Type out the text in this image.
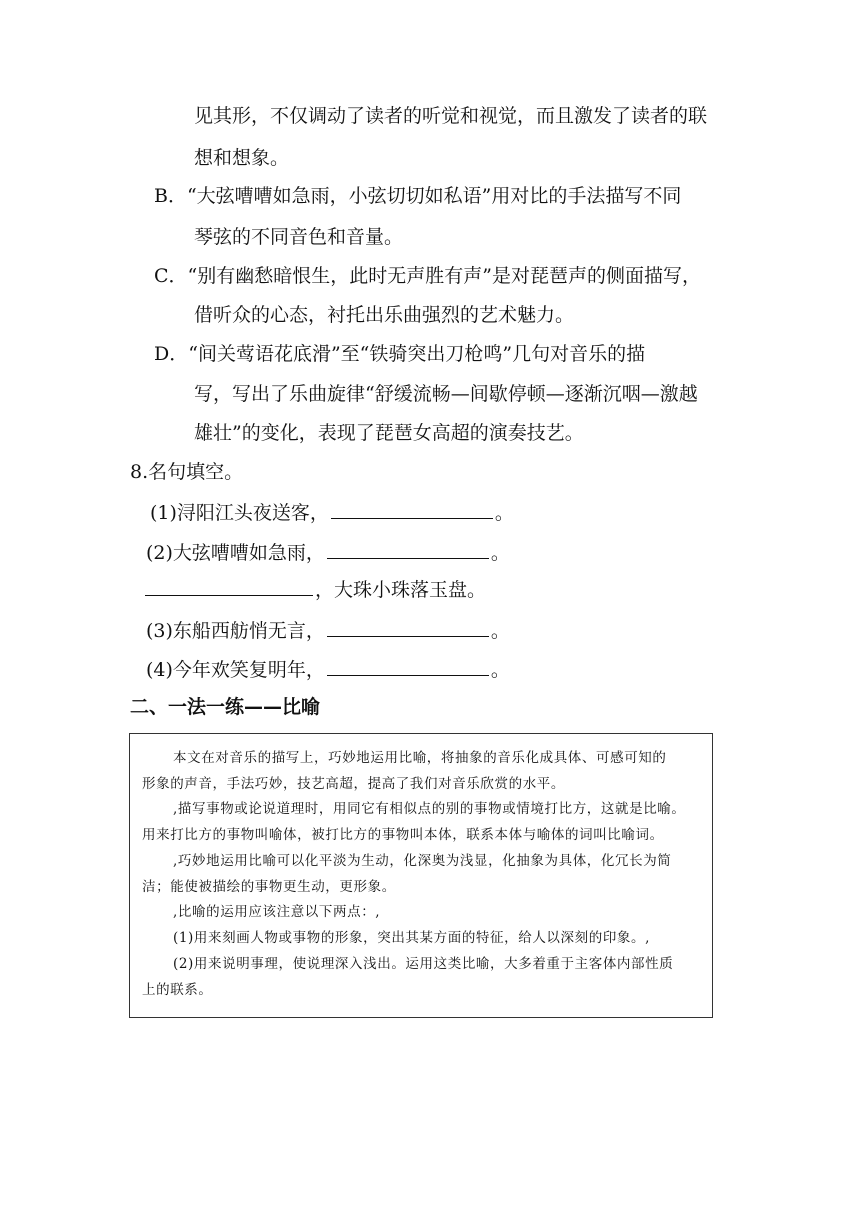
见其形，不仅调动了读者的听觉和视觉，而且激发了读者的联
想和想象。
B．“大弦嘈嘈如急雨，小弦切切如私语”用对比的手法描写不同
琴弦的不同音色和音量。
C．“别有幽愁暗恨生，此时无声胜有声”是对琵琶声的侧面描写，
借听众的心态，衬托出乐曲强烈的艺术魅力。
D．“间关莺语花底滑”至“铁骑突出刀枪鸣”几句对音乐的描
写，写出了乐曲旋律“舒缓流畅—间歇停顿—逐渐沉咽—激越
雄壮”的变化，表现了琵琶女高超的演奏技艺。
8.名句填空。
(1)浔阳江头夜送客，	。
(2)大弦嘈嘈如急雨，	。
，大珠小珠落玉盘。
(3)东船西舫悄无言，	。
(4)今年欢笑复明年，	。
二、一法一练——比喻
本文在对音乐的描写上，巧妙地运用比喻，将抽象的音乐化成具体、可感可知的
形象的声音，手法巧妙，技艺高超，提高了我们对音乐欣赏的水平。
,描写事物或论说道理时，用同它有相似点的别的事物或情境打比方，这就是比喻。
用来打比方的事物叫喻体，被打比方的事物叫本体，联系本体与喻体的词叫比喻词。
,巧妙地运用比喻可以化平淡为生动，化深奥为浅显，化抽象为具体，化冗长为简
洁；能使被描绘的事物更生动，更形象。
,比喻的运用应该注意以下两点：,
(1)用来刻画人物或事物的形象，突出其某方面的特征，给人以深刻的印象。,
(2)用来说明事理，使说理深入浅出。运用这类比喻，大多着重于主客体内部性质
上的联系。
